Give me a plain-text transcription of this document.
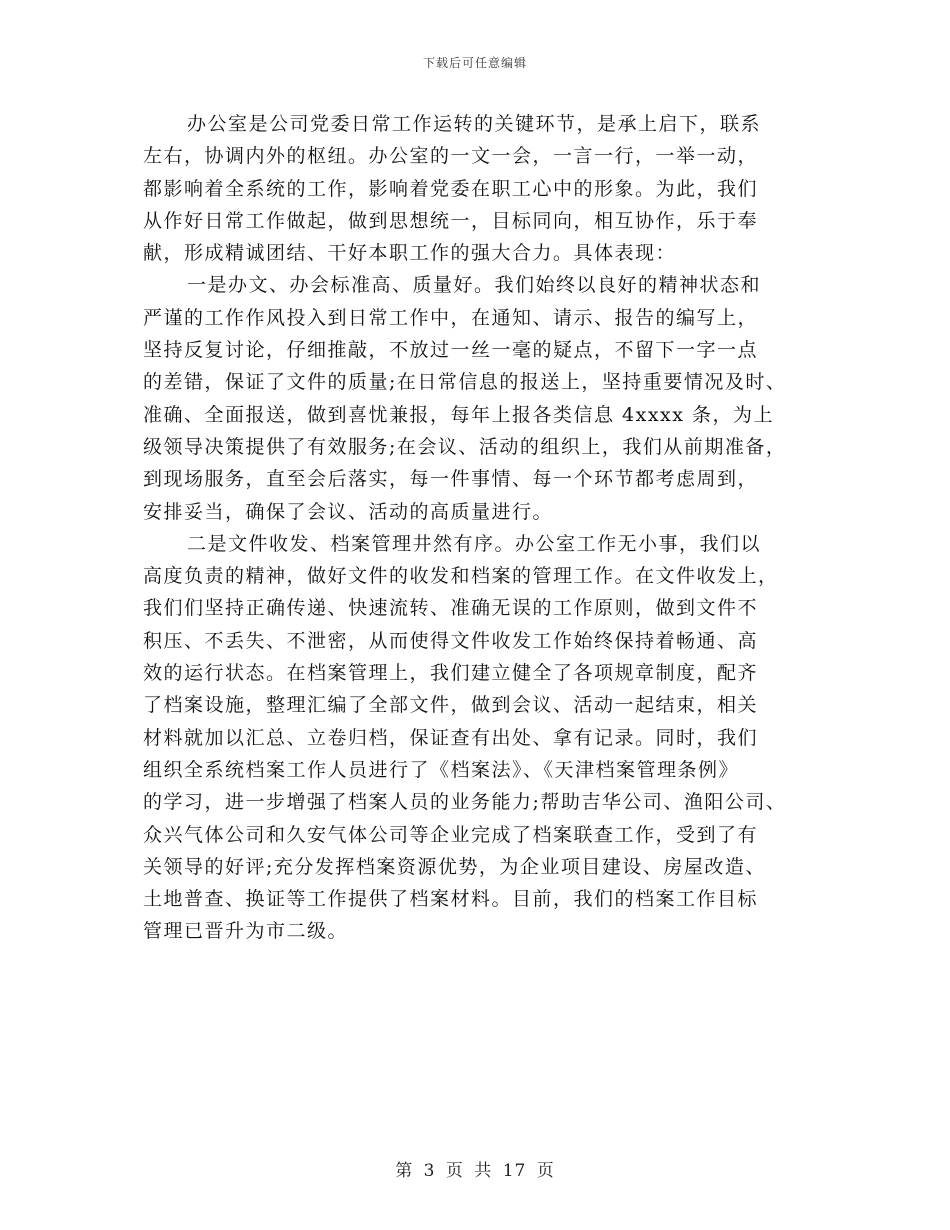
下载后可任意编辑

办公室是公司党委日常工作运转的关键环节，是承上启下，联系
左右，协调内外的枢纽。办公室的一文一会，一言一行，一举一动，
都影响着全系统的工作，影响着党委在职工心中的形象。为此，我们
从作好日常工作做起，做到思想统一，目标同向，相互协作，乐于奉
献，形成精诚团结、干好本职工作的强大合力。具体表现：

一是办文、办会标准高、质量好。我们始终以良好的精神状态和
严谨的工作作风投入到日常工作中，在通知、请示、报告的编写上，
坚持反复讨论，仔细推敲，不放过一丝一毫的疑点，不留下一字一点
的差错，保证了文件的质量;在日常信息的报送上，坚持重要情况及时、
准确、全面报送，做到喜忧兼报，每年上报各类信息 4xxxx 条，为上
级领导决策提供了有效服务;在会议、活动的组织上，我们从前期准备，
到现场服务，直至会后落实，每一件事情、每一个环节都考虑周到，
安排妥当，确保了会议、活动的高质量进行。

二是文件收发、档案管理井然有序。办公室工作无小事，我们以
高度负责的精神，做好文件的收发和档案的管理工作。在文件收发上，
我们们坚持正确传递、快速流转、准确无误的工作原则，做到文件不
积压、不丢失、不泄密，从而使得文件收发工作始终保持着畅通、高
效的运行状态。在档案管理上，我们建立健全了各项规章制度，配齐
了档案设施，整理汇编了全部文件，做到会议、活动一起结束，相关
材料就加以汇总、立卷归档，保证查有出处、拿有记录。同时，我们
组织全系统档案工作人员进行了《档案法》、《天津档案管理条例》
的学习，进一步增强了档案人员的业务能力;帮助吉华公司、渔阳公司、
众兴气体公司和久安气体公司等企业完成了档案联查工作，受到了有
关领导的好评;充分发挥档案资源优势，为企业项目建设、房屋改造、
土地普查、换证等工作提供了档案材料。目前，我们的档案工作目标
管理已晋升为市二级。

第 3 页 共 17 页
